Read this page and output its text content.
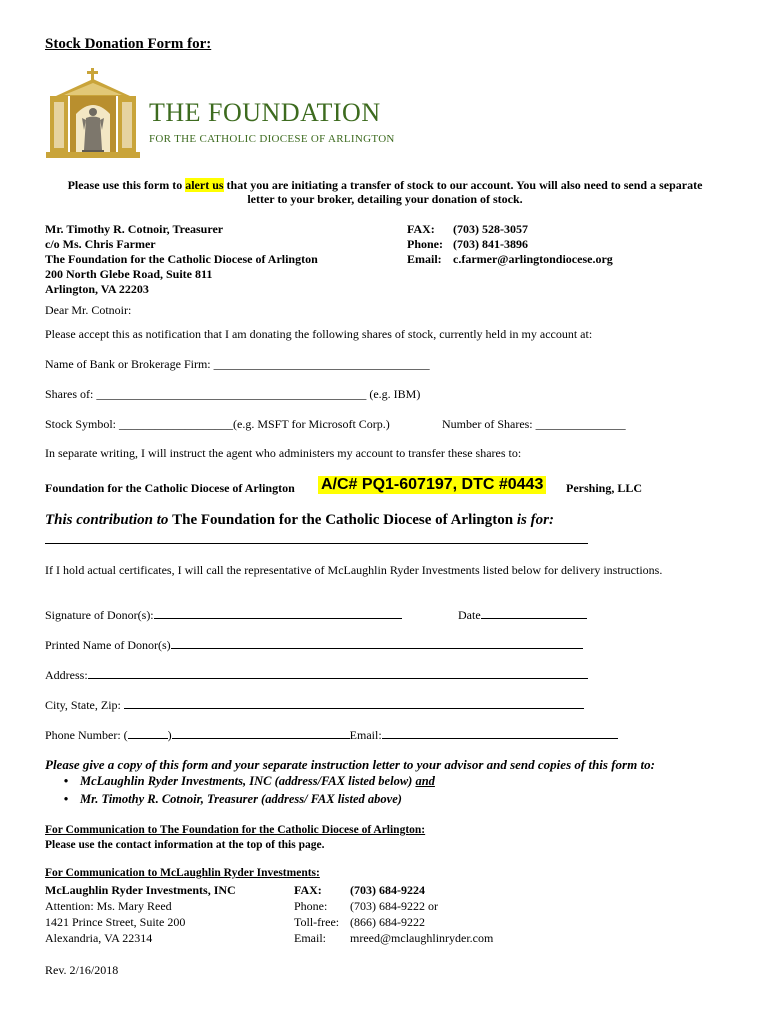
Stock Donation Form for:
THE FOUNDATION
FOR THE CATHOLIC DIOCESE OF ARLINGTON
Please use this form to alert us that you are initiating a transfer of stock to our account. You will also need to send a separate
letter to your broker, detailing your donation of stock.
Mr. Timothy R. Cotnoir, Treasurer
c/o Ms. Chris Farmer
The Foundation for the Catholic Diocese of Arlington
200 North Glebe Road, Suite 811
Arlington, VA 22203
FAX: (703) 528-3057
Phone: (703) 841-3896
Email: c.farmer@arlingtondiocese.org
Dear Mr. Cotnoir:
Please accept this as notification that I am donating the following shares of stock, currently held in my account at:
Name of Bank or Brokerage Firm: ____________________________________
Shares of: _____________________________________________ (e.g. IBM)
Stock Symbol: ___________________(e.g. MSFT for Microsoft Corp.)	Number of Shares: _______________
In separate writing, I will instruct the agent who administers my account to transfer these shares to:
Foundation for the Catholic Diocese of Arlington A/C# PQ1-607197, DTC #0443 Pershing, LLC
This contribution to The Foundation for the Catholic Diocese of Arlington is for:
If I hold actual certificates, I will call the representative of McLaughlin Ryder Investments listed below for delivery instructions.
Signature of Donor(s):	Date
Printed Name of Donor(s)
Address:
City, State, Zip:
Phone Number: (	)	Email:
Please give a copy of this form and your separate instruction letter to your advisor and send copies of this form to:
• McLaughlin Ryder Investments, INC (address/FAX listed below) and
• Mr. Timothy R. Cotnoir, Treasurer (address/ FAX listed above)
For Communication to The Foundation for the Catholic Diocese of Arlington:
Please use the contact information at the top of this page.
For Communication to McLaughlin Ryder Investments:
McLaughlin Ryder Investments, INC
Attention: Ms. Mary Reed
1421 Prince Street, Suite 200
Alexandria, VA 22314
FAX: (703) 684-9224
Phone: (703) 684-9222 or
Toll-free: (866) 684-9222
Email: mreed@mclaughlinryder.com
Rev. 2/16/2018
